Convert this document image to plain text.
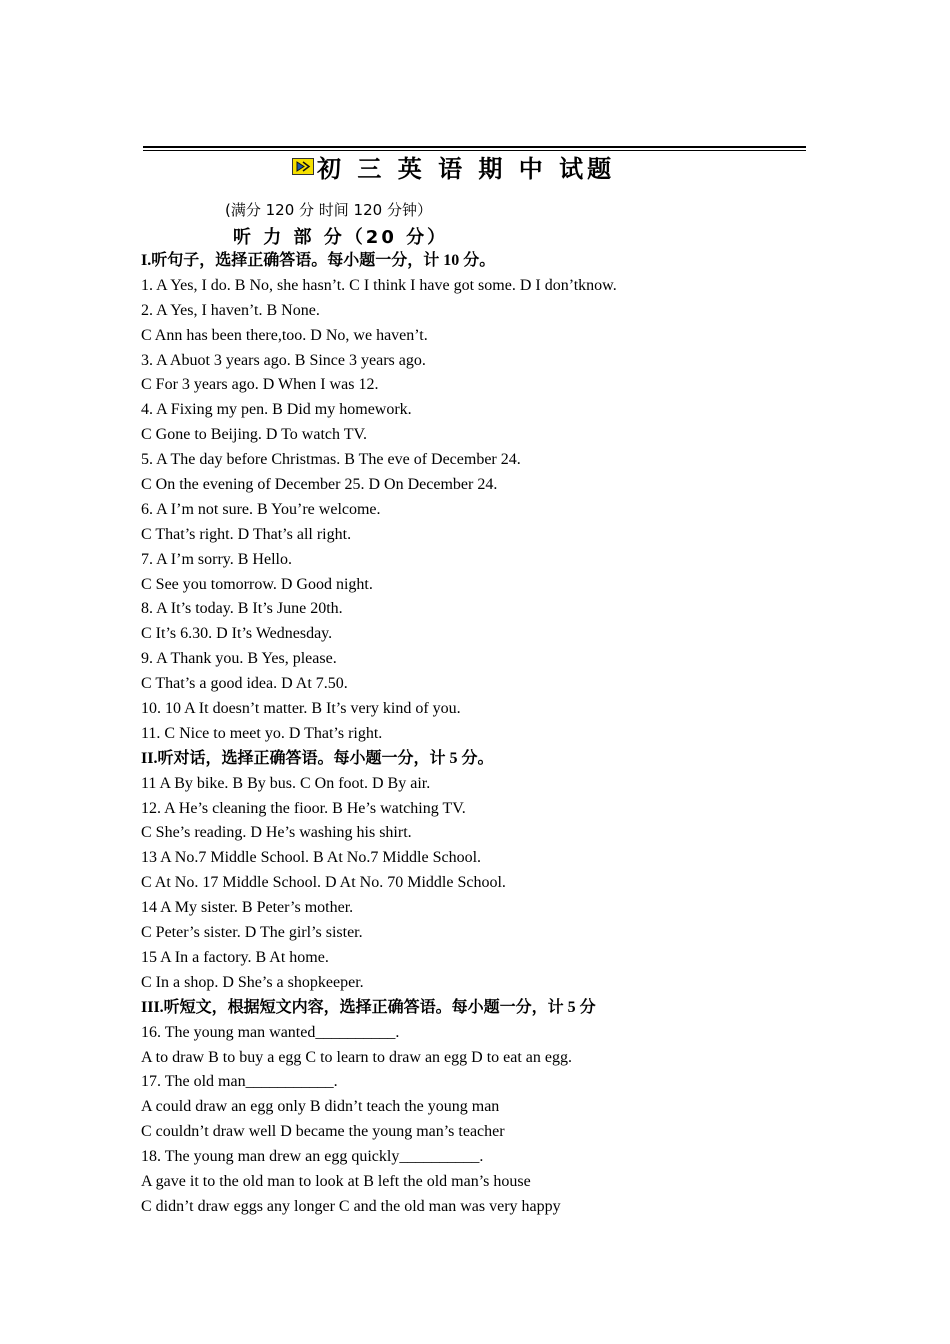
初 三 英 语 期 中 试题
(满分 120 分 时间 120 分钟）
听 力 部 分（20 分）
I.听句子，选择正确答语。每小题一分，计 10 分。
1. A Yes, I do. B No, she hasn’t. C I think I have got some. D I don’tknow.
2. A Yes, I haven’t. B None.
C Ann has been there,too. D No, we haven’t.
3. A Abuot 3 years ago. B Since 3 years ago.
C For 3 years ago. D When I was 12.
4. A Fixing my pen. B Did my homework.
C Gone to Beijing. D To watch TV.
5. A The day before Christmas. B The eve of December 24.
C On the evening of December 25. D On December 24.
6. A I’m not sure. B You’re welcome.
C That’s right. D That’s all right.
7. A I’m sorry. B Hello.
C See you tomorrow. D Good night.
8. A It’s today. B It’s June 20th.
C It’s 6.30. D It’s Wednesday.
9. A Thank you. B Yes, please.
C That’s a good idea. D At 7.50.
10. 10 A It doesn’t matter. B It’s very kind of you.
11. C Nice to meet yo. D That’s right.
II.听对话，选择正确答语。每小题一分，计 5 分。
11 A By bike. B By bus. C On foot. D By air.
12. A He’s cleaning the fioor. B He’s watching TV.
C She’s reading. D He’s washing his shirt.
13 A No.7 Middle School. B At No.7 Middle School.
C At No. 17 Middle School. D At No. 70 Middle School.
14 A My sister. B Peter’s mother.
C Peter’s sister. D The girl’s sister.
15 A In a factory. B At home.
C In a shop. D She’s a shopkeeper.
III.听短文，根据短文内容，选择正确答语。每小题一分，计 5 分
16. The young man wanted__________.
A to draw B to buy a egg C to learn to draw an egg D to eat an egg.
17. The old man___________.
A could draw an egg only B didn’t teach the young man
C couldn’t draw well D became the young man’s teacher
18. The young man drew an egg quickly__________.
A gave it to the old man to look at B left the old man’s house
C didn’t draw eggs any longer C and the old man was very happy
